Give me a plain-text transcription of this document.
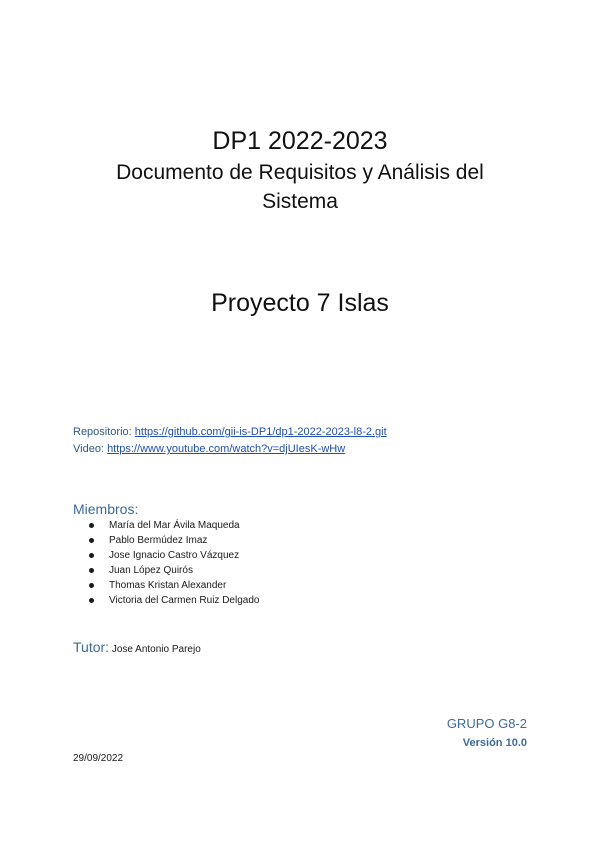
DP1 2022-2023
Documento de Requisitos y Análisis del Sistema
Proyecto 7 Islas
Repositorio: https://github.com/gii-is-DP1/dp1-2022-2023-l8-2.git
Video: https://www.youtube.com/watch?v=djUIesK-wHw
Miembros:
María del Mar Ávila Maqueda
Pablo Bermúdez Imaz
Jose Ignacio Castro Vázquez
Juan López Quirós
Thomas Kristan Alexander
Victoria del Carmen Ruiz Delgado
Tutor: Jose Antonio Parejo
GRUPO G8-2
Versión 10.0
29/09/2022
